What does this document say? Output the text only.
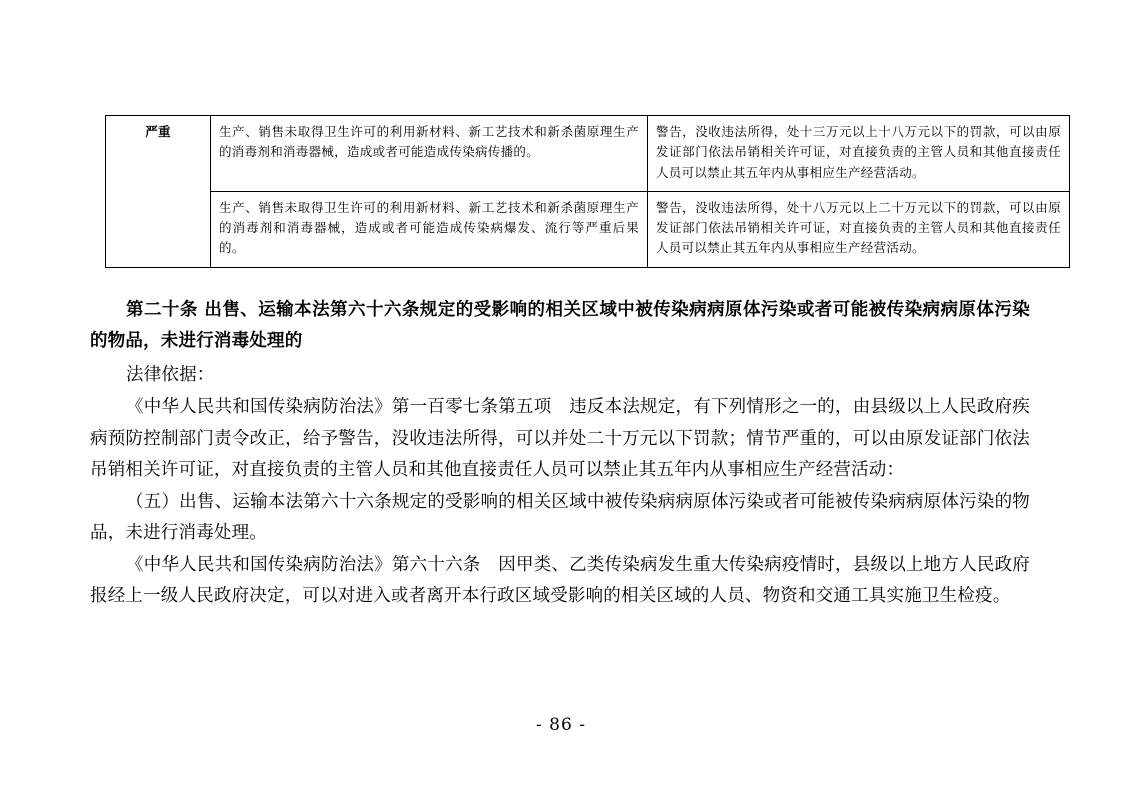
严重	生产、销售未取得卫生许可的利用新材料、新工艺技术和新杀菌原理生产的消毒剂和消毒器械，造成或者可能造成传染病传播的。	警告，没收违法所得，处十三万元以上十八万元以下的罚款，可以由原发证部门依法吊销相关许可证，对直接负责的主管人员和其他直接责任人员可以禁止其五年内从事相应生产经营活动。
	生产、销售未取得卫生许可的利用新材料、新工艺技术和新杀菌原理生产的消毒剂和消毒器械，造成或者可能造成传染病爆发、流行等严重后果的。	警告，没收违法所得，处十八万元以上二十万元以下的罚款，可以由原发证部门依法吊销相关许可证，对直接负责的主管人员和其他直接责任人员可以禁止其五年内从事相应生产经营活动。

第二十条 出售、运输本法第六十六条规定的受影响的相关区域中被传染病病原体污染或者可能被传染病病原体污染的物品，未进行消毒处理的

法律依据：

《中华人民共和国传染病防治法》第一百零七条第五项　违反本法规定，有下列情形之一的，由县级以上人民政府疾病预防控制部门责令改正，给予警告，没收违法所得，可以并处二十万元以下罚款；情节严重的，可以由原发证部门依法吊销相关许可证，对直接负责的主管人员和其他直接责任人员可以禁止其五年内从事相应生产经营活动：

（五）出售、运输本法第六十六条规定的受影响的相关区域中被传染病病原体污染或者可能被传染病病原体污染的物品，未进行消毒处理。

《中华人民共和国传染病防治法》第六十六条　因甲类、乙类传染病发生重大传染病疫情时，县级以上地方人民政府报经上一级人民政府决定，可以对进入或者离开本行政区域受影响的相关区域的人员、物资和交通工具实施卫生检疫。

- 86 -
